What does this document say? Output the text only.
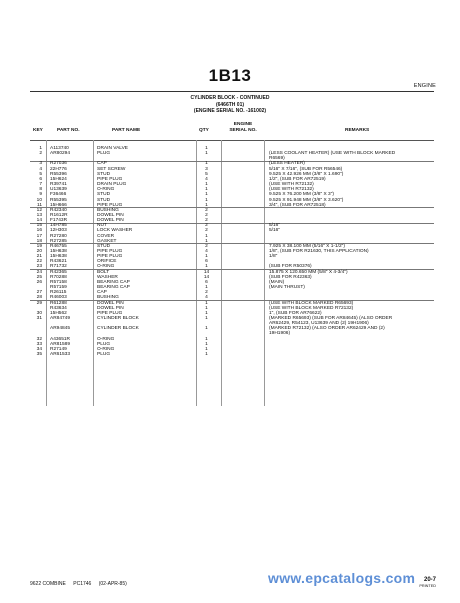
1B13
ENGINE
CYLINDER BLOCK - CONTINUED
(6466TH 01)
(ENGINE SERIAL NO. -161002)
KEY	PART NO.	PART NAME	QTY
ENGINE
SERIAL NO.	REMARKS
1 A113740	DRAIN VALVE	1
2 AR80294	PLUG	1	(LESS COOLANT HEATER) (USE WITH BLOCK MARKED
R6569)
3 R27036	CAP	1	(LESS HEATER)
4 22H776	SET SCREW	3	5/16" X 7/16", (SUB FOR R56546)
5 R55396	STUD	5	9.525 X 42.926 MM (3/8" X 1.690")
6 15H624	PIPE PLUG	4	1/2", (SUB FOR AR72519)
7 R39741	DRAIN PLUG	1	(USE WITH R72132)
8 U13639	O-RING	1	(USE WITH R72132)
9 F36466	STUD	1	9.525 X 76.200 MM (3/8" X 3")
10 R55395	STUD	1	9.525 X 91.948 MM (3/8" X 3.620")
11 15H666	PIPE PLUG	1	3/4", (SUB FOR AR72518)
12 R42340	BUSHING	2
13 R1612R	DOWEL PIN	2
14 F1743R	DOWEL PIN	2
15 14H785	NUT	2	5/16"
16 12H303	LOCK WASHER	2	5/16"
17 R27280	COVER	1
18 R27285	GASKET	1
19 R46755	STUD	2	7.925 X 38.100 MM (5/16" X 1-1/2")
20 15H638	PIPE PLUG	4	1/8", (SUB FOR R21630, THIS APPLICATION)
21 15H638	PIPE PLUG	1	1/8"
22 R43621	ORIFICE	6
23 R71732	O-RING	1	(SUB FOR R50376)
24 R42365	BOLT	14	15.875 X 120.650 MM (5/8" X 4-3/4")
25 R70288	WASHER	14	(SUB FOR R42363)
26 R57158	BEARING CAP	6	(MAIN)
R57159	BEARING CAP	1	(MAIN THRUST)
27 R26115	CAP	2
28 R46003	BUSHING	4
29 R61288	DOWEL PIN	1	(USE WITH BLOCK MARKED R65693)
R43634	DOWEL PIN	1	(USE WITH BLOCK MARKED R72132)
30 15H562	PIPE PLUG	1	1", (SUB FOR AR76622)
31 AR84749	CYLINDER BLOCK	1	(MARKED R65693) (SUB FOR AR84645) (ALSO ORDER
AR62429, R54123, U13639 AND (2) 19H1906)
AR94845	CYLINDER BLOCK	1	(MARKED R72132) (ALSO ORDER AR62429 AND (2)
19H1906)
32 A43651R	O-RING	1
33 AR81589	PLUG	1
34 R27149	O-RING	1
35 AR61533	PLUG	1
9622 COMBINE PC1746 (02-APR-85)
20-7
PRINTED
www.epcatalogs.com
